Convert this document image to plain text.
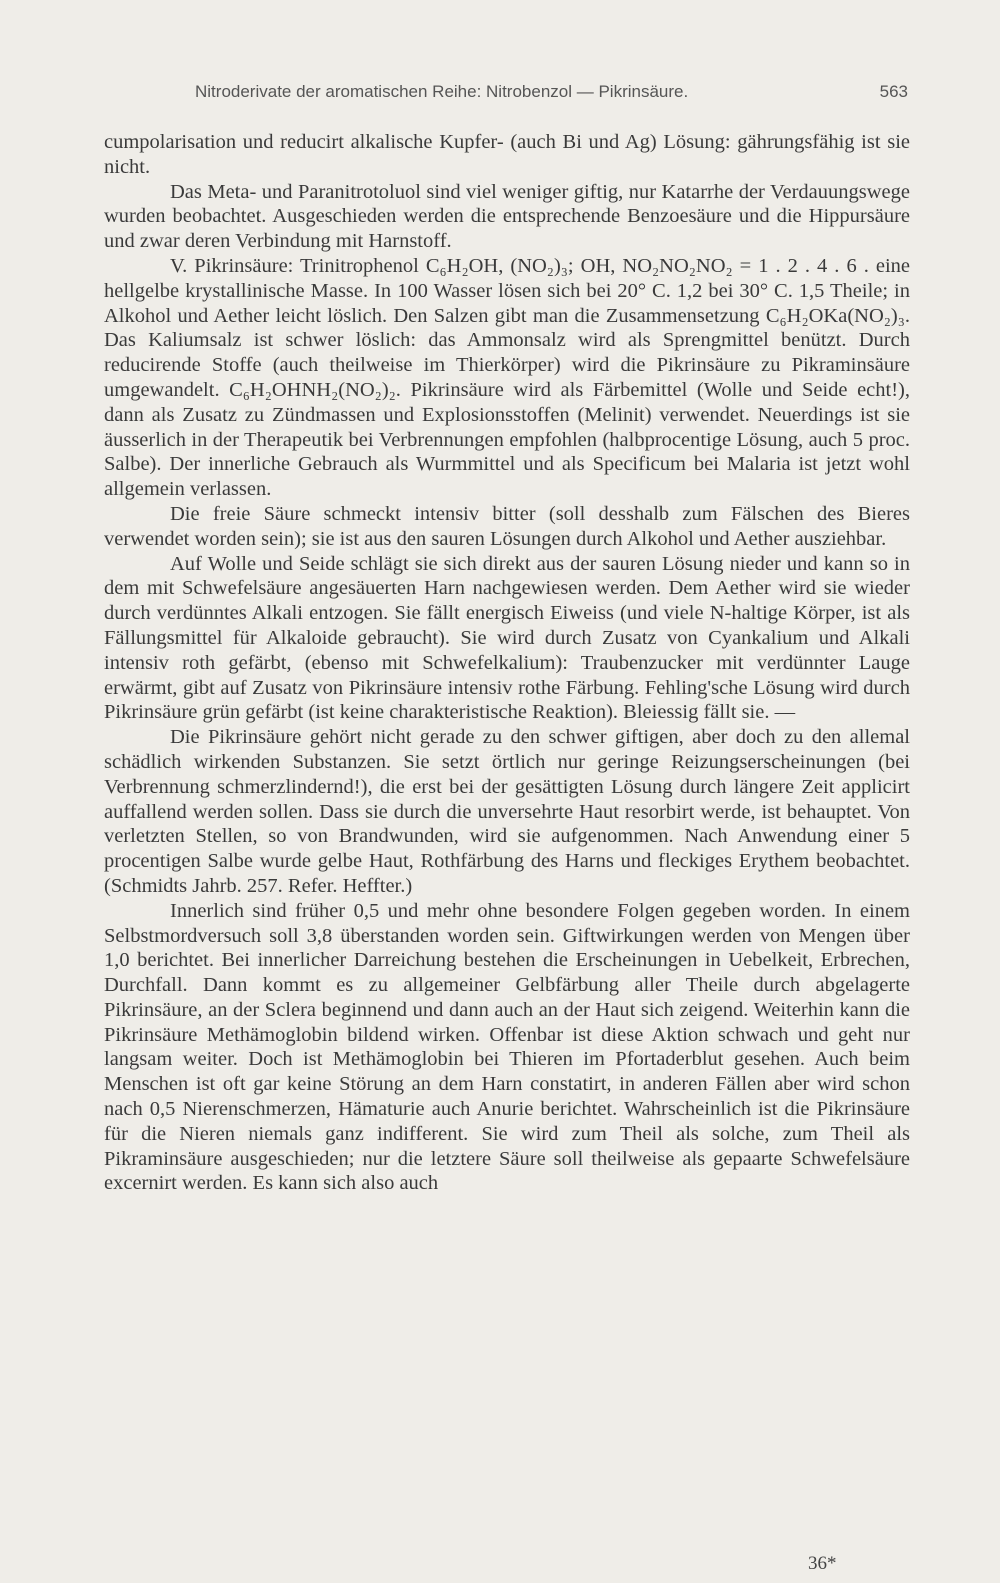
Nitroderivate der aromatischen Reihe: Nitrobenzol — Pikrinsäure.	563

cumpolarisation und reducirt alkalische Kupfer- (auch Bi und Ag) Lösung: gährungsfähig ist sie nicht.

Das Meta- und Paranitrotoluol sind viel weniger giftig, nur Katarrhe der Verdauungswege wurden beobachtet. Ausgeschieden werden die entsprechende Benzoesäure und die Hippursäure und zwar deren Verbindung mit Harnstoff.

V. Pikrinsäure: Trinitrophenol C₆H₂OH, (NO₂)₃; OH, NO₂NO₂NO₂ = 1 . 2 . 4 . 6 . eine hellgelbe krystallinische Masse. In 100 Wasser lösen sich bei 20° C. 1,2 bei 30° C. 1,5 Theile; in Alkohol und Aether leicht löslich. Den Salzen gibt man die Zusammensetzung C₆H₂OKa(NO₂)₃. Das Kaliumsalz ist schwer löslich: das Ammonsalz wird als Sprengmittel benützt. Durch reducirende Stoffe (auch theilweise im Thierkörper) wird die Pikrinsäure zu Pikraminsäure umgewandelt. C₆H₂OHNH₂(NO₂)₂. Pikrinsäure wird als Färbemittel (Wolle und Seide echt!), dann als Zusatz zu Zündmassen und Explosionsstoffen (Melinit) verwendet. Neuerdings ist sie äusserlich in der Therapeutik bei Verbrennungen empfohlen (halbprocentige Lösung, auch 5 proc. Salbe). Der innerliche Gebrauch als Wurmmittel und als Specificum bei Malaria ist jetzt wohl allgemein verlassen.

Die freie Säure schmeckt intensiv bitter (soll desshalb zum Fälschen des Bieres verwendet worden sein); sie ist aus den sauren Lösungen durch Alkohol und Aether ausziehbar.

Auf Wolle und Seide schlägt sie sich direkt aus der sauren Lösung nieder und kann so in dem mit Schwefelsäure angesäuerten Harn nachgewiesen werden. Dem Aether wird sie wieder durch verdünntes Alkali entzogen. Sie fällt energisch Eiweiss (und viele N-haltige Körper, ist als Fällungsmittel für Alkaloide gebraucht). Sie wird durch Zusatz von Cyankalium und Alkali intensiv roth gefärbt, (ebenso mit Schwefelkalium): Traubenzucker mit verdünnter Lauge erwärmt, gibt auf Zusatz von Pikrinsäure intensiv rothe Färbung. Fehling'sche Lösung wird durch Pikrinsäure grün gefärbt (ist keine charakteristische Reaktion). Bleiessig fällt sie. —

Die Pikrinsäure gehört nicht gerade zu den schwer giftigen, aber doch zu den allemal schädlich wirkenden Substanzen. Sie setzt örtlich nur geringe Reizungserscheinungen (bei Verbrennung schmerzlindernd!), die erst bei der gesättigten Lösung durch längere Zeit applicirt auffallend werden sollen. Dass sie durch die unversehrte Haut resorbirt werde, ist behauptet. Von verletzten Stellen, so von Brandwunden, wird sie aufgenommen. Nach Anwendung einer 5 procentigen Salbe wurde gelbe Haut, Rothfärbung des Harns und fleckiges Erythem beobachtet. (Schmidts Jahrb. 257. Refer. Heffter.)

Innerlich sind früher 0,5 und mehr ohne besondere Folgen gegeben worden. In einem Selbstmordversuch soll 3,8 überstanden worden sein. Giftwirkungen werden von Mengen über 1,0 berichtet. Bei innerlicher Darreichung bestehen die Erscheinungen in Uebelkeit, Erbrechen, Durchfall. Dann kommt es zu allgemeiner Gelbfärbung aller Theile durch abgelagerte Pikrinsäure, an der Sclera beginnend und dann auch an der Haut sich zeigend. Weiterhin kann die Pikrinsäure Methämoglobin bildend wirken. Offenbar ist diese Aktion schwach und geht nur langsam weiter. Doch ist Methämoglobin bei Thieren im Pfortaderblut gesehen. Auch beim Menschen ist oft gar keine Störung an dem Harn constatirt, in anderen Fällen aber wird schon nach 0,5 Nierenschmerzen, Hämaturie auch Anurie berichtet. Wahrscheinlich ist die Pikrinsäure für die Nieren niemals ganz indifferent. Sie wird zum Theil als solche, zum Theil als Pikraminsäure ausgeschieden; nur die letztere Säure soll theilweise als gepaarte Schwefelsäure excernirt werden. Es kann sich also auch

36*
